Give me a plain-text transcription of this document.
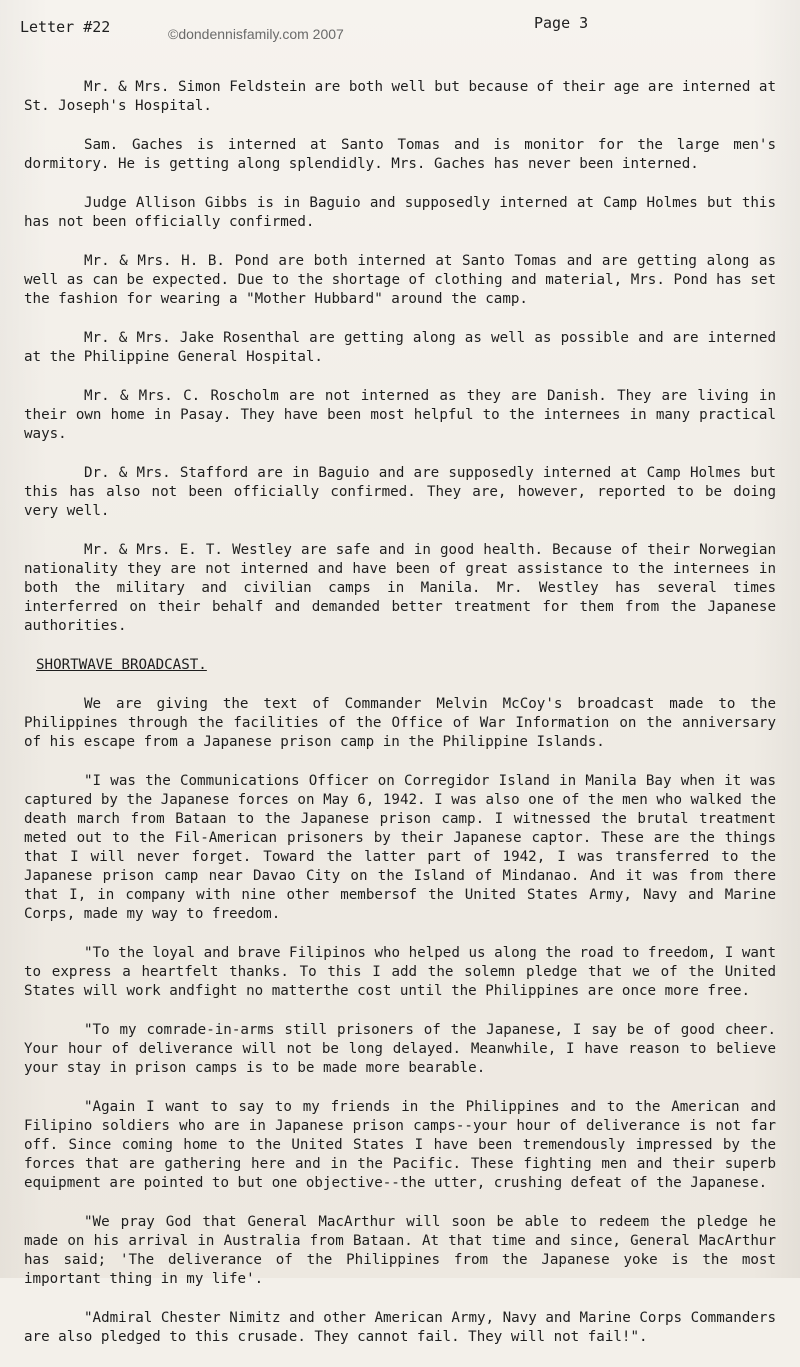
Letter #22	©dondennisfamily.com 2007
Page 3

Mr. & Mrs. Simon Feldstein are both well but because of their age are interned at St. Joseph's Hospital.

Sam. Gaches is interned at Santo Tomas and is monitor for the large men's dormitory. He is getting along splendidly. Mrs. Gaches has never been interned.

Judge Allison Gibbs is in Baguio and supposedly interned at Camp Holmes but this has not been officially confirmed.

Mr. & Mrs. H. B. Pond are both interned at Santo Tomas and are getting along as well as can be expected. Due to the shortage of clothing and material, Mrs. Pond has set the fashion for wearing a "Mother Hubbard" around the camp.

Mr. & Mrs. Jake Rosenthal are getting along as well as possible and are interned at the Philippine General Hospital.

Mr. & Mrs. C. Roscholm are not interned as they are Danish. They are living in their own home in Pasay. They have been most helpful to the internees in many practical ways.

Dr. & Mrs. Stafford are in Baguio and are supposedly interned at Camp Holmes but this has also not been officially confirmed. They are, however, reported to be doing very well.

Mr. & Mrs. E. T. Westley are safe and in good health. Because of their Norwegian nationality they are not interned and have been of great assistance to the internees in both the military and civilian camps in Manila. Mr. Westley has several times interferred on their behalf and demanded better treatment for them from the Japanese authorities.

SHORTWAVE BROADCAST.

We are giving the text of Commander Melvin McCoy's broadcast made to the Philippines through the facilities of the Office of War Information on the anniversary of his escape from a Japanese prison camp in the Philippine Islands.

"I was the Communications Officer on Corregidor Island in Manila Bay when it was captured by the Japanese forces on May 6, 1942. I was also one of the men who walked the death march from Bataan to the Japanese prison camp. I witnessed the brutal treatment meted out to the Fil-American prisoners by their Japanese captor. These are the things that I will never forget. Toward the latter part of 1942, I was transferred to the Japanese prison camp near Davao City on the Island of Mindanao. And it was from there that I, in company with nine other membersof the United States Army, Navy and Marine Corps, made my way to freedom.

"To the loyal and brave Filipinos who helped us along the road to freedom, I want to express a heartfelt thanks. To this I add the solemn pledge that we of the United States will work andfight no matterthe cost until the Philippines are once more free.

"To my comrade-in-arms still prisoners of the Japanese, I say be of good cheer. Your hour of deliverance will not be long delayed. Meanwhile, I have reason to believe your stay in prison camps is to be made more bearable.

"Again I want to say to my friends in the Philippines and to the American and Filipino soldiers who are in Japanese prison camps--your hour of deliverance is not far off. Since coming home to the United States I have been tremendously impressed by the forces that are gathering here and in the Pacific. These fighting men and their superb equipment are pointed to but one objective--the utter, crushing defeat of the Japanese.

"We pray God that General MacArthur will soon be able to redeem the pledge he made on his arrival in Australia from Bataan. At that time and since, General MacArthur has said; 'The deliverance of the Philippines from the Japanese yoke is the most important thing in my life'.

"Admiral Chester Nimitz and other American Army, Navy and Marine Corps Commanders are also pledged to this crusade. They cannot fail. They will not fail!".
